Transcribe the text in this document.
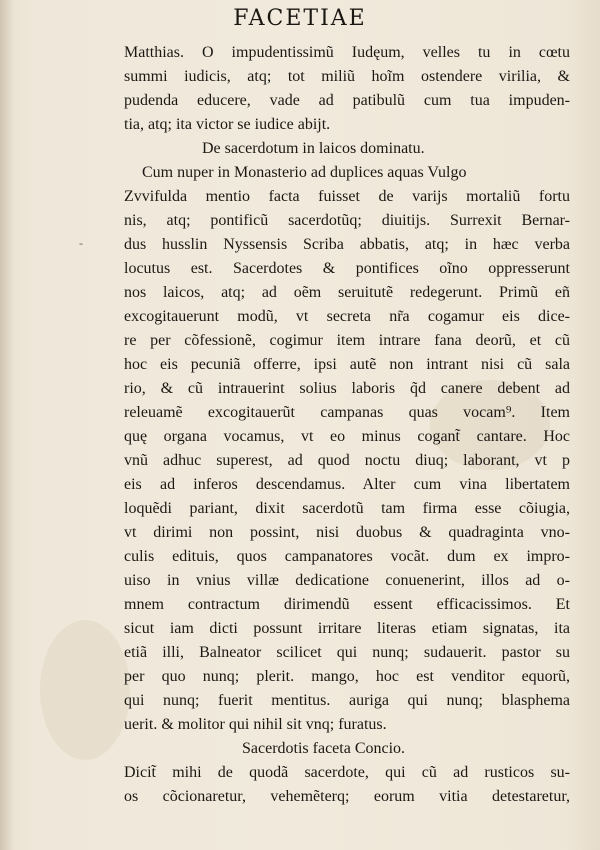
FACETIAE
-
Matthias. O impudentissimũ Iudęum, velles tu in cœtu
summi iudicis, atq; tot miliũ hoĩm ostendere virilia, &
pudenda educere, vade ad patibulũ cum tua impuden-
tia, atq; ita victor se iudice abijt.
De sacerdotum in laicos dominatu.
Cum nuper in Monasterio ad duplices aquas Vulgo
Zvvifulda mentio facta fuisset de varijs mortaliũ fortu
nis, atq; pontificũ sacerdotũq; diuitijs. Surrexit Bernar-
dus husslin Nyssensis Scriba abbatis, atq; in hæc verba
locutus est. Sacerdotes & pontifices oĩno oppresserunt
nos laicos, atq; ad oẽm seruitutẽ redegerunt. Primũ eñ
excogitauerunt modũ, vt secreta nr̃a cogamur eis dice-
re per cõfessionẽ, cogimur item intrare fana deorũ, et cũ
hoc eis pecuniã offerre, ipsi autẽ non intrant nisi cũ sala
rio, & cũ intrauerint solius laboris q̃d canere debent ad
releuamẽ excogitauerũt campanas quas vocam⁹. Item
quę organa vocamus, vt eo minus cogant̃ cantare. Hoc
vnũ adhuc superest, ad quod noctu diuq; laborant, vt p
eis ad inferos descendamus. Alter cum vina libertatem
loquẽdi pariant, dixit sacerdotũ tam firma esse cõiugia,
vt dirimi non possint, nisi duobus & quadraginta vno-
culis edituis, quos campanatores vocãt. dum ex impro-
uiso in vnius villæ dedicatione conuenerint, illos ad o-
mnem contractum dirimendũ essent efficacissimos. Et
sicut iam dicti possunt irritare literas etiam signatas, ita
etiã illi, Balneator scilicet qui nunq; sudauerit. pastor su
per quo nunq; plerit. mango, hoc est venditor equorũ,
qui nunq; fuerit mentitus. auriga qui nunq; blasphema
uerit. & molitor qui nihil sit vnq; furatus.
Sacerdotis faceta Concio.
Dicit̃ mihi de quodã sacerdote, qui cũ ad rusticos su-
os cõcionaretur, vehemẽterq; eorum vitia detestaretur,
